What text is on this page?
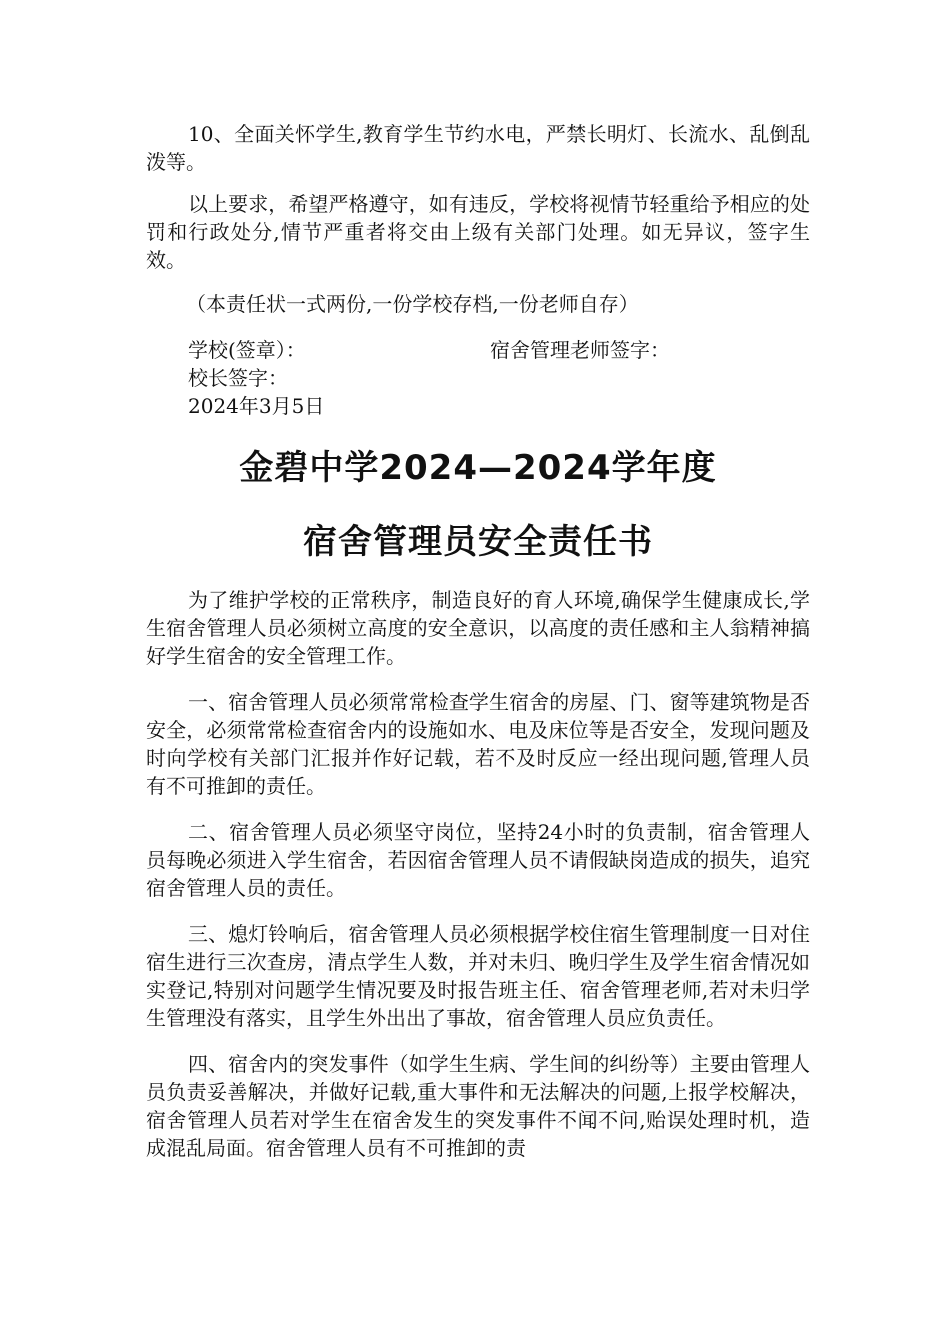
10、全面关怀学生,教育学生节约水电，严禁长明灯、长流水、乱倒乱泼等。

以上要求，希望严格遵守，如有违反，学校将视情节轻重给予相应的处罚和行政处分,情节严重者将交由上级有关部门处理。如无异议，签字生效。

（本责任状一式两份,一份学校存档,一份老师自存）

学校(签章）：	宿舍管理老师签字：

校长签字：

2024年3月5日

金碧中学2024—2024学年度
宿舍管理员安全责任书

为了维护学校的正常秩序，制造良好的育人环境,确保学生健康成长,学生宿舍管理人员必须树立高度的安全意识，以高度的责任感和主人翁精神搞好学生宿舍的安全管理工作。

一、宿舍管理人员必须常常检查学生宿舍的房屋、门、窗等建筑物是否安全，必须常常检查宿舍内的设施如水、电及床位等是否安全，发现问题及时向学校有关部门汇报并作好记载，若不及时反应一经出现问题,管理人员有不可推卸的责任。

二、宿舍管理人员必须坚守岗位，坚持24小时的负责制，宿舍管理人员每晚必须进入学生宿舍，若因宿舍管理人员不请假缺岗造成的损失，追究宿舍管理人员的责任。

三、熄灯铃响后，宿舍管理人员必须根据学校住宿生管理制度一日对住宿生进行三次查房，清点学生人数，并对未归、晚归学生及学生宿舍情况如实登记,特别对问题学生情况要及时报告班主任、宿舍管理老师,若对未归学生管理没有落实，且学生外出出了事故，宿舍管理人员应负责任。

四、宿舍内的突发事件（如学生生病、学生间的纠纷等）主要由管理人员负责妥善解决，并做好记载,重大事件和无法解决的问题,上报学校解决，宿舍管理人员若对学生在宿舍发生的突发事件不闻不问,贻误处理时机，造成混乱局面。宿舍管理人员有不可推卸的责
